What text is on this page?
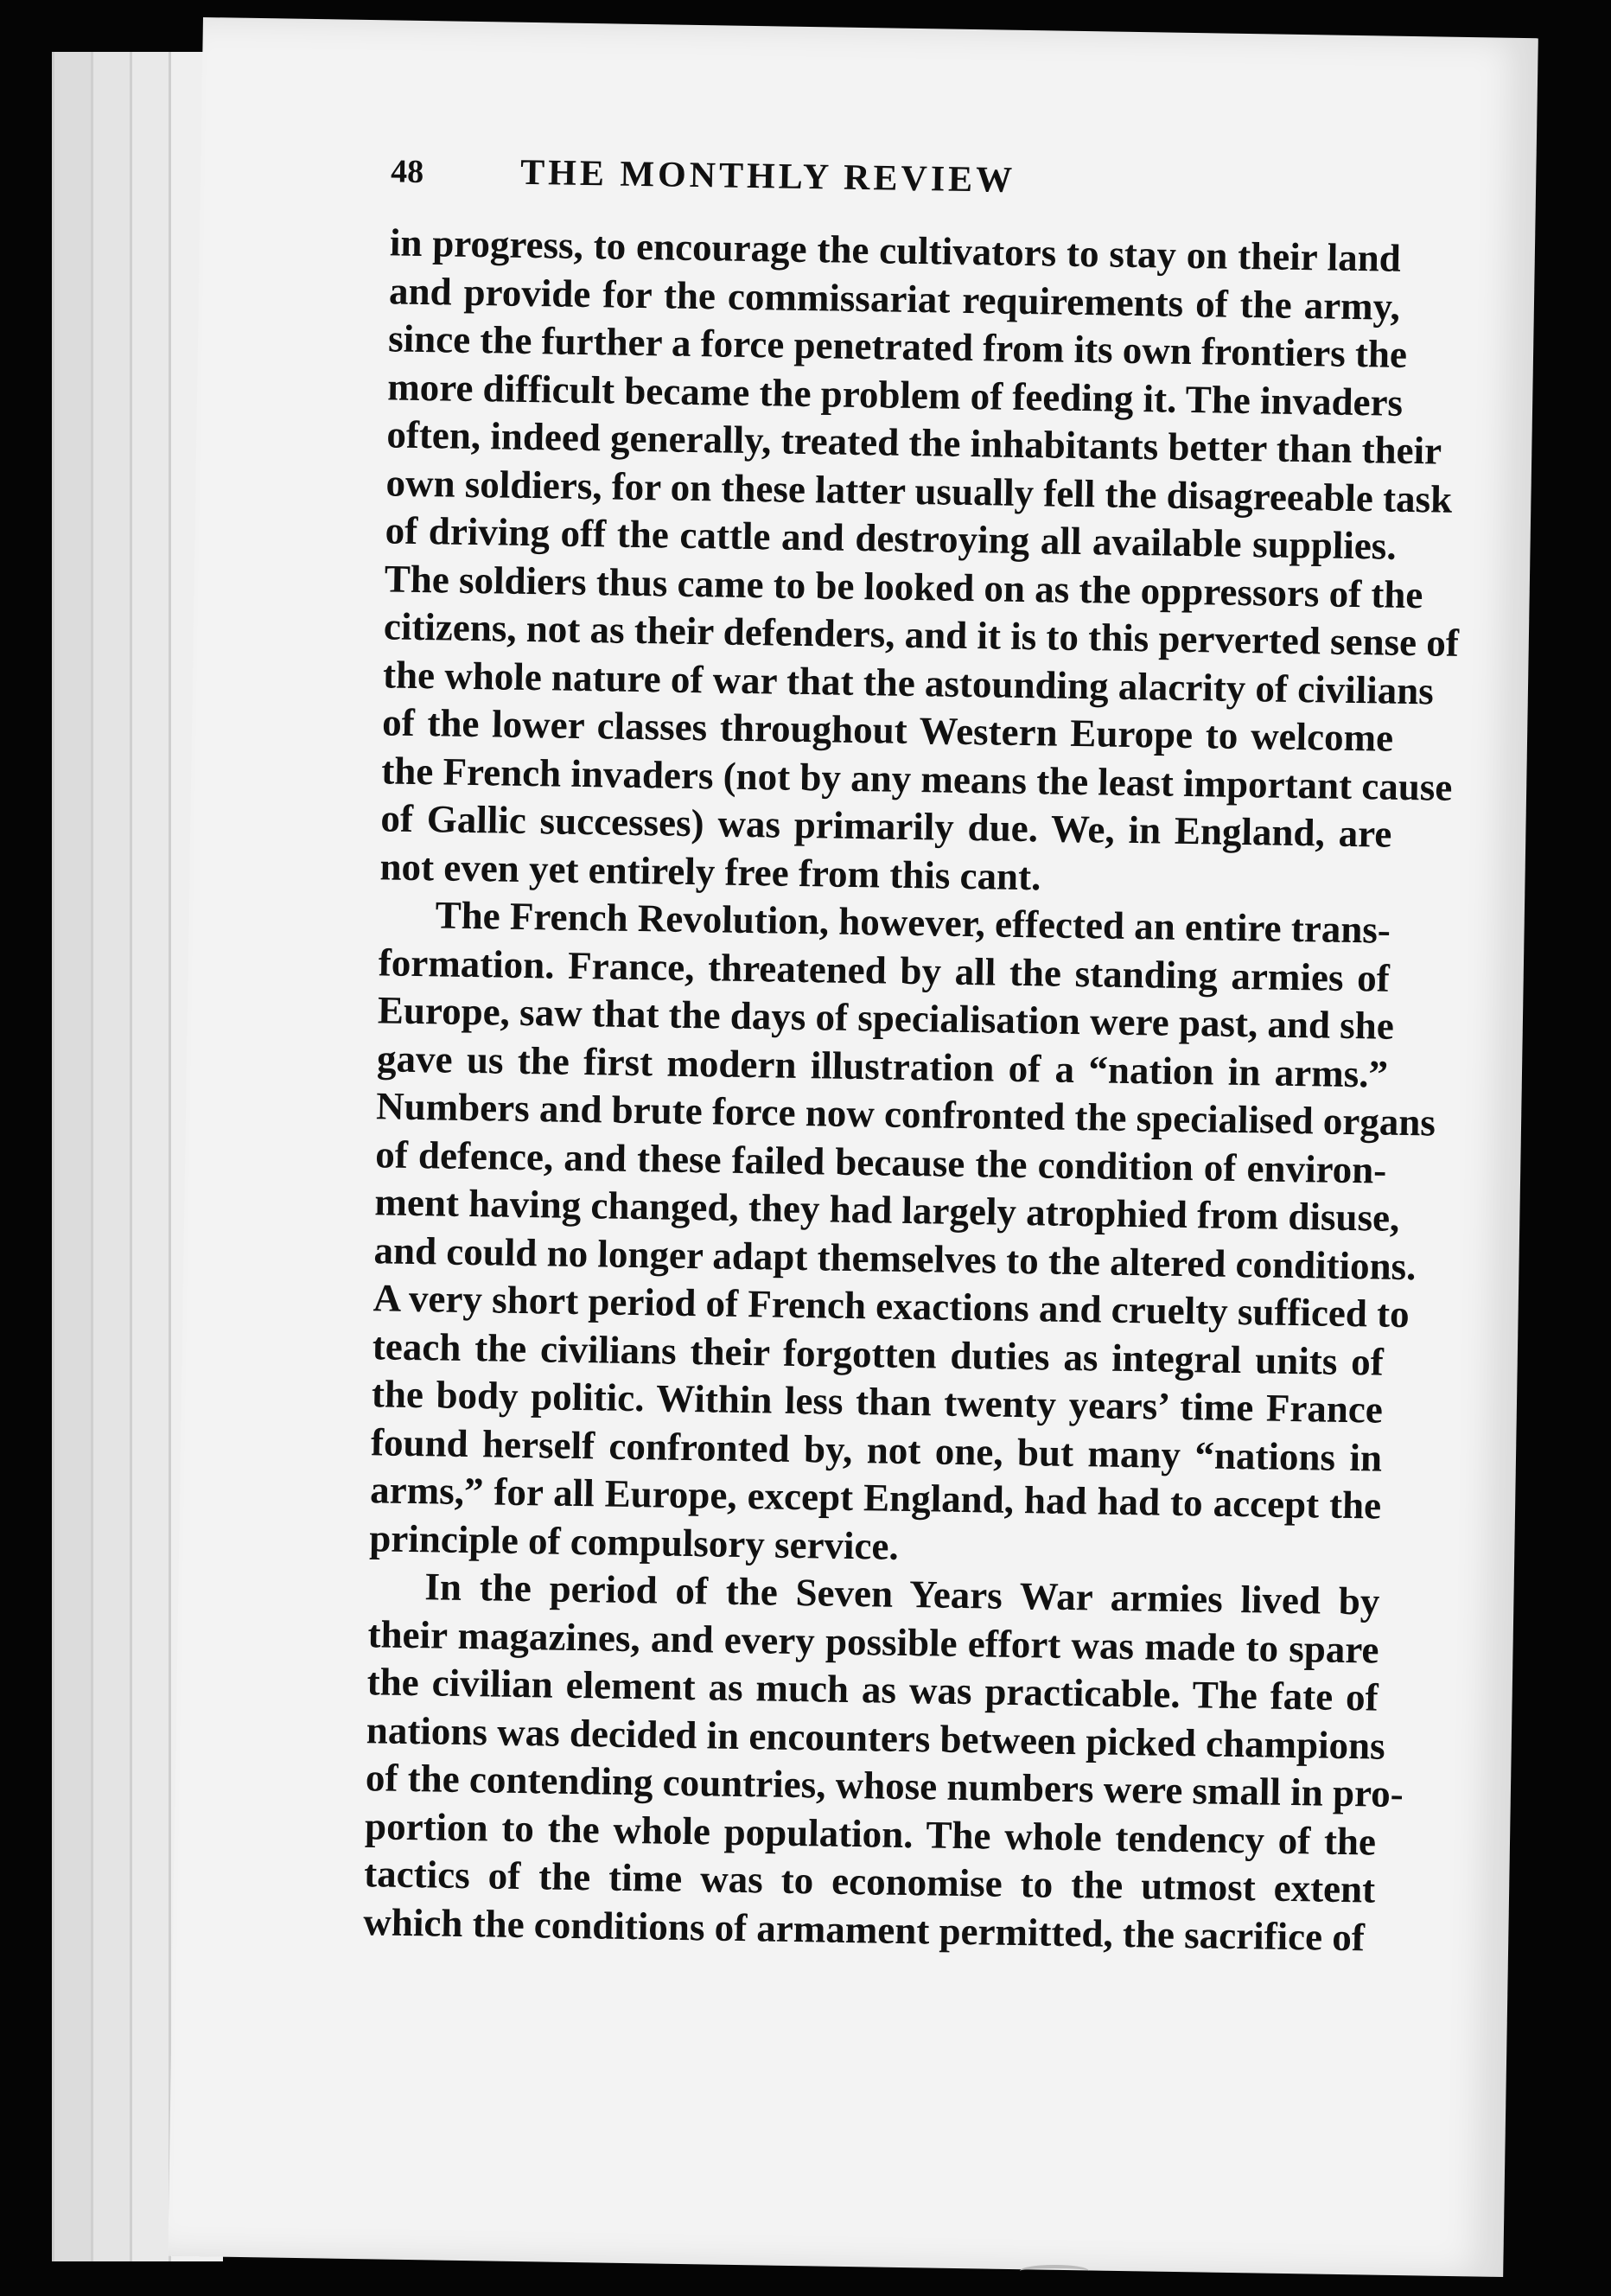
48	THE MONTHLY REVIEW
in progress, to encourage the cultivators to stay on their land
and provide for the commissariat requirements of the army,
since the further a force penetrated from its own frontiers the
more difficult became the problem of feeding it. The invaders
often, indeed generally, treated the inhabitants better than their
own soldiers, for on these latter usually fell the disagreeable task
of driving off the cattle and destroying all available supplies.
The soldiers thus came to be looked on as the oppressors of the
citizens, not as their defenders, and it is to this perverted sense of
the whole nature of war that the astounding alacrity of civilians
of the lower classes throughout Western Europe to welcome
the French invaders (not by any means the least important cause
of Gallic successes) was primarily due. We, in England, are
not even yet entirely free from this cant.
The French Revolution, however, effected an entire trans-
formation. France, threatened by all the standing armies of
Europe, saw that the days of specialisation were past, and she
gave us the first modern illustration of a “nation in arms.”
Numbers and brute force now confronted the specialised organs
of defence, and these failed because the condition of environ-
ment having changed, they had largely atrophied from disuse,
and could no longer adapt themselves to the altered conditions.
A very short period of French exactions and cruelty sufficed to
teach the civilians their forgotten duties as integral units of
the body politic. Within less than twenty years’ time France
found herself confronted by, not one, but many “nations in
arms,” for all Europe, except England, had had to accept the
principle of compulsory service.
In the period of the Seven Years War armies lived by
their magazines, and every possible effort was made to spare
the civilian element as much as was practicable. The fate of
nations was decided in encounters between picked champions
of the contending countries, whose numbers were small in pro-
portion to the whole population. The whole tendency of the
tactics of the time was to economise to the utmost extent
which the conditions of armament permitted, the sacrifice of
